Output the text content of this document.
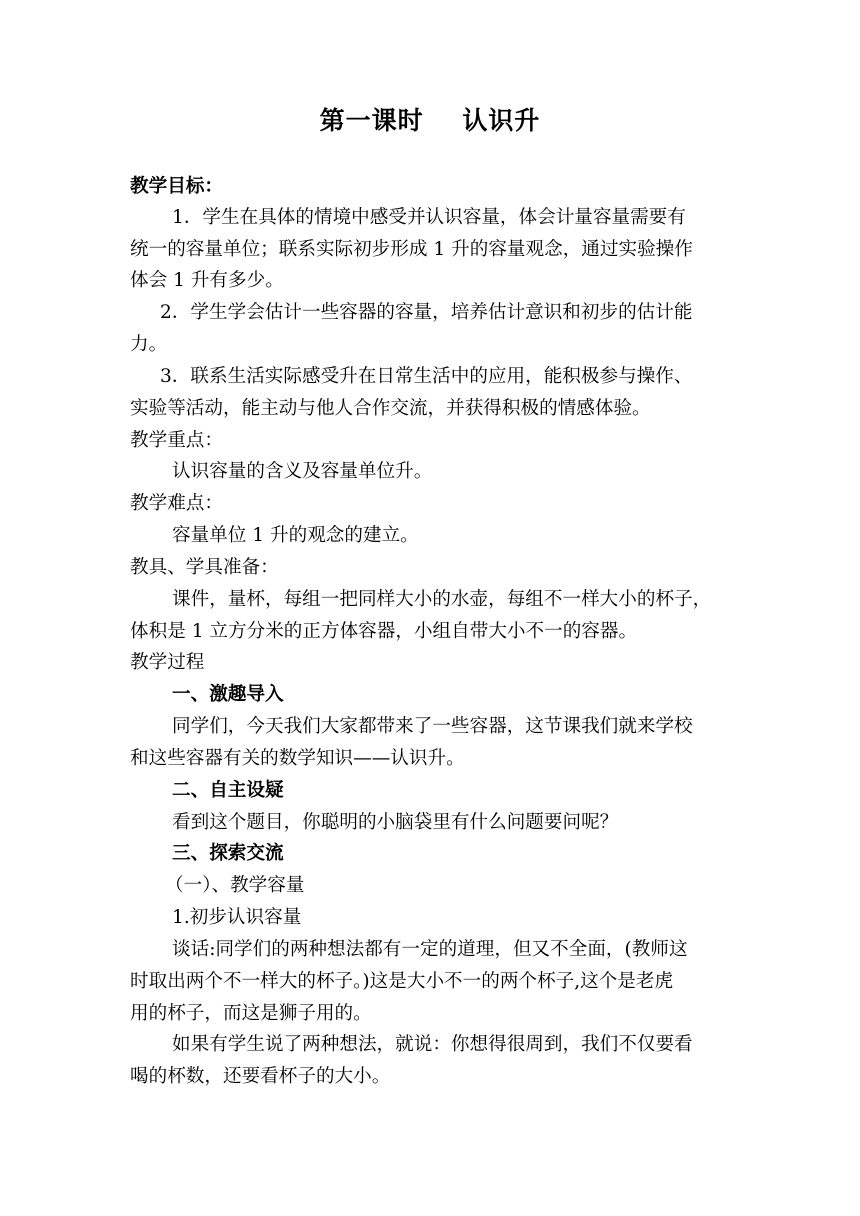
第一课时    认识升
教学目标：
1．学生在具体的情境中感受并认识容量，体会计量容量需要有
统一的容量单位；联系实际初步形成 1 升的容量观念，通过实验操作
体会 1 升有多少。
2．学生学会估计一些容器的容量，培养估计意识和初步的估计能
力。
3．联系生活实际感受升在日常生活中的应用，能积极参与操作、
实验等活动，能主动与他人合作交流，并获得积极的情感体验。
教学重点：
认识容量的含义及容量单位升。
教学难点：
容量单位 1 升的观念的建立。
教具、学具准备：
课件，量杯，每组一把同样大小的水壶，每组不一样大小的杯子，
体积是 1 立方分米的正方体容器，小组自带大小不一的容器。
教学过程
一、激趣导入
同学们，今天我们大家都带来了一些容器，这节课我们就来学校
和这些容器有关的数学知识——认识升。
二、自主设疑
看到这个题目，你聪明的小脑袋里有什么问题要问呢？
三、探索交流
（一）、教学容量
1.初步认识容量
谈话:同学们的两种想法都有一定的道理，但又不全面，(教师这
时取出两个不一样大的杯子。)这是大小不一的两个杯子,这个是老虎
用的杯子，而这是狮子用的。
如果有学生说了两种想法，就说：你想得很周到，我们不仅要看
喝的杯数，还要看杯子的大小。
